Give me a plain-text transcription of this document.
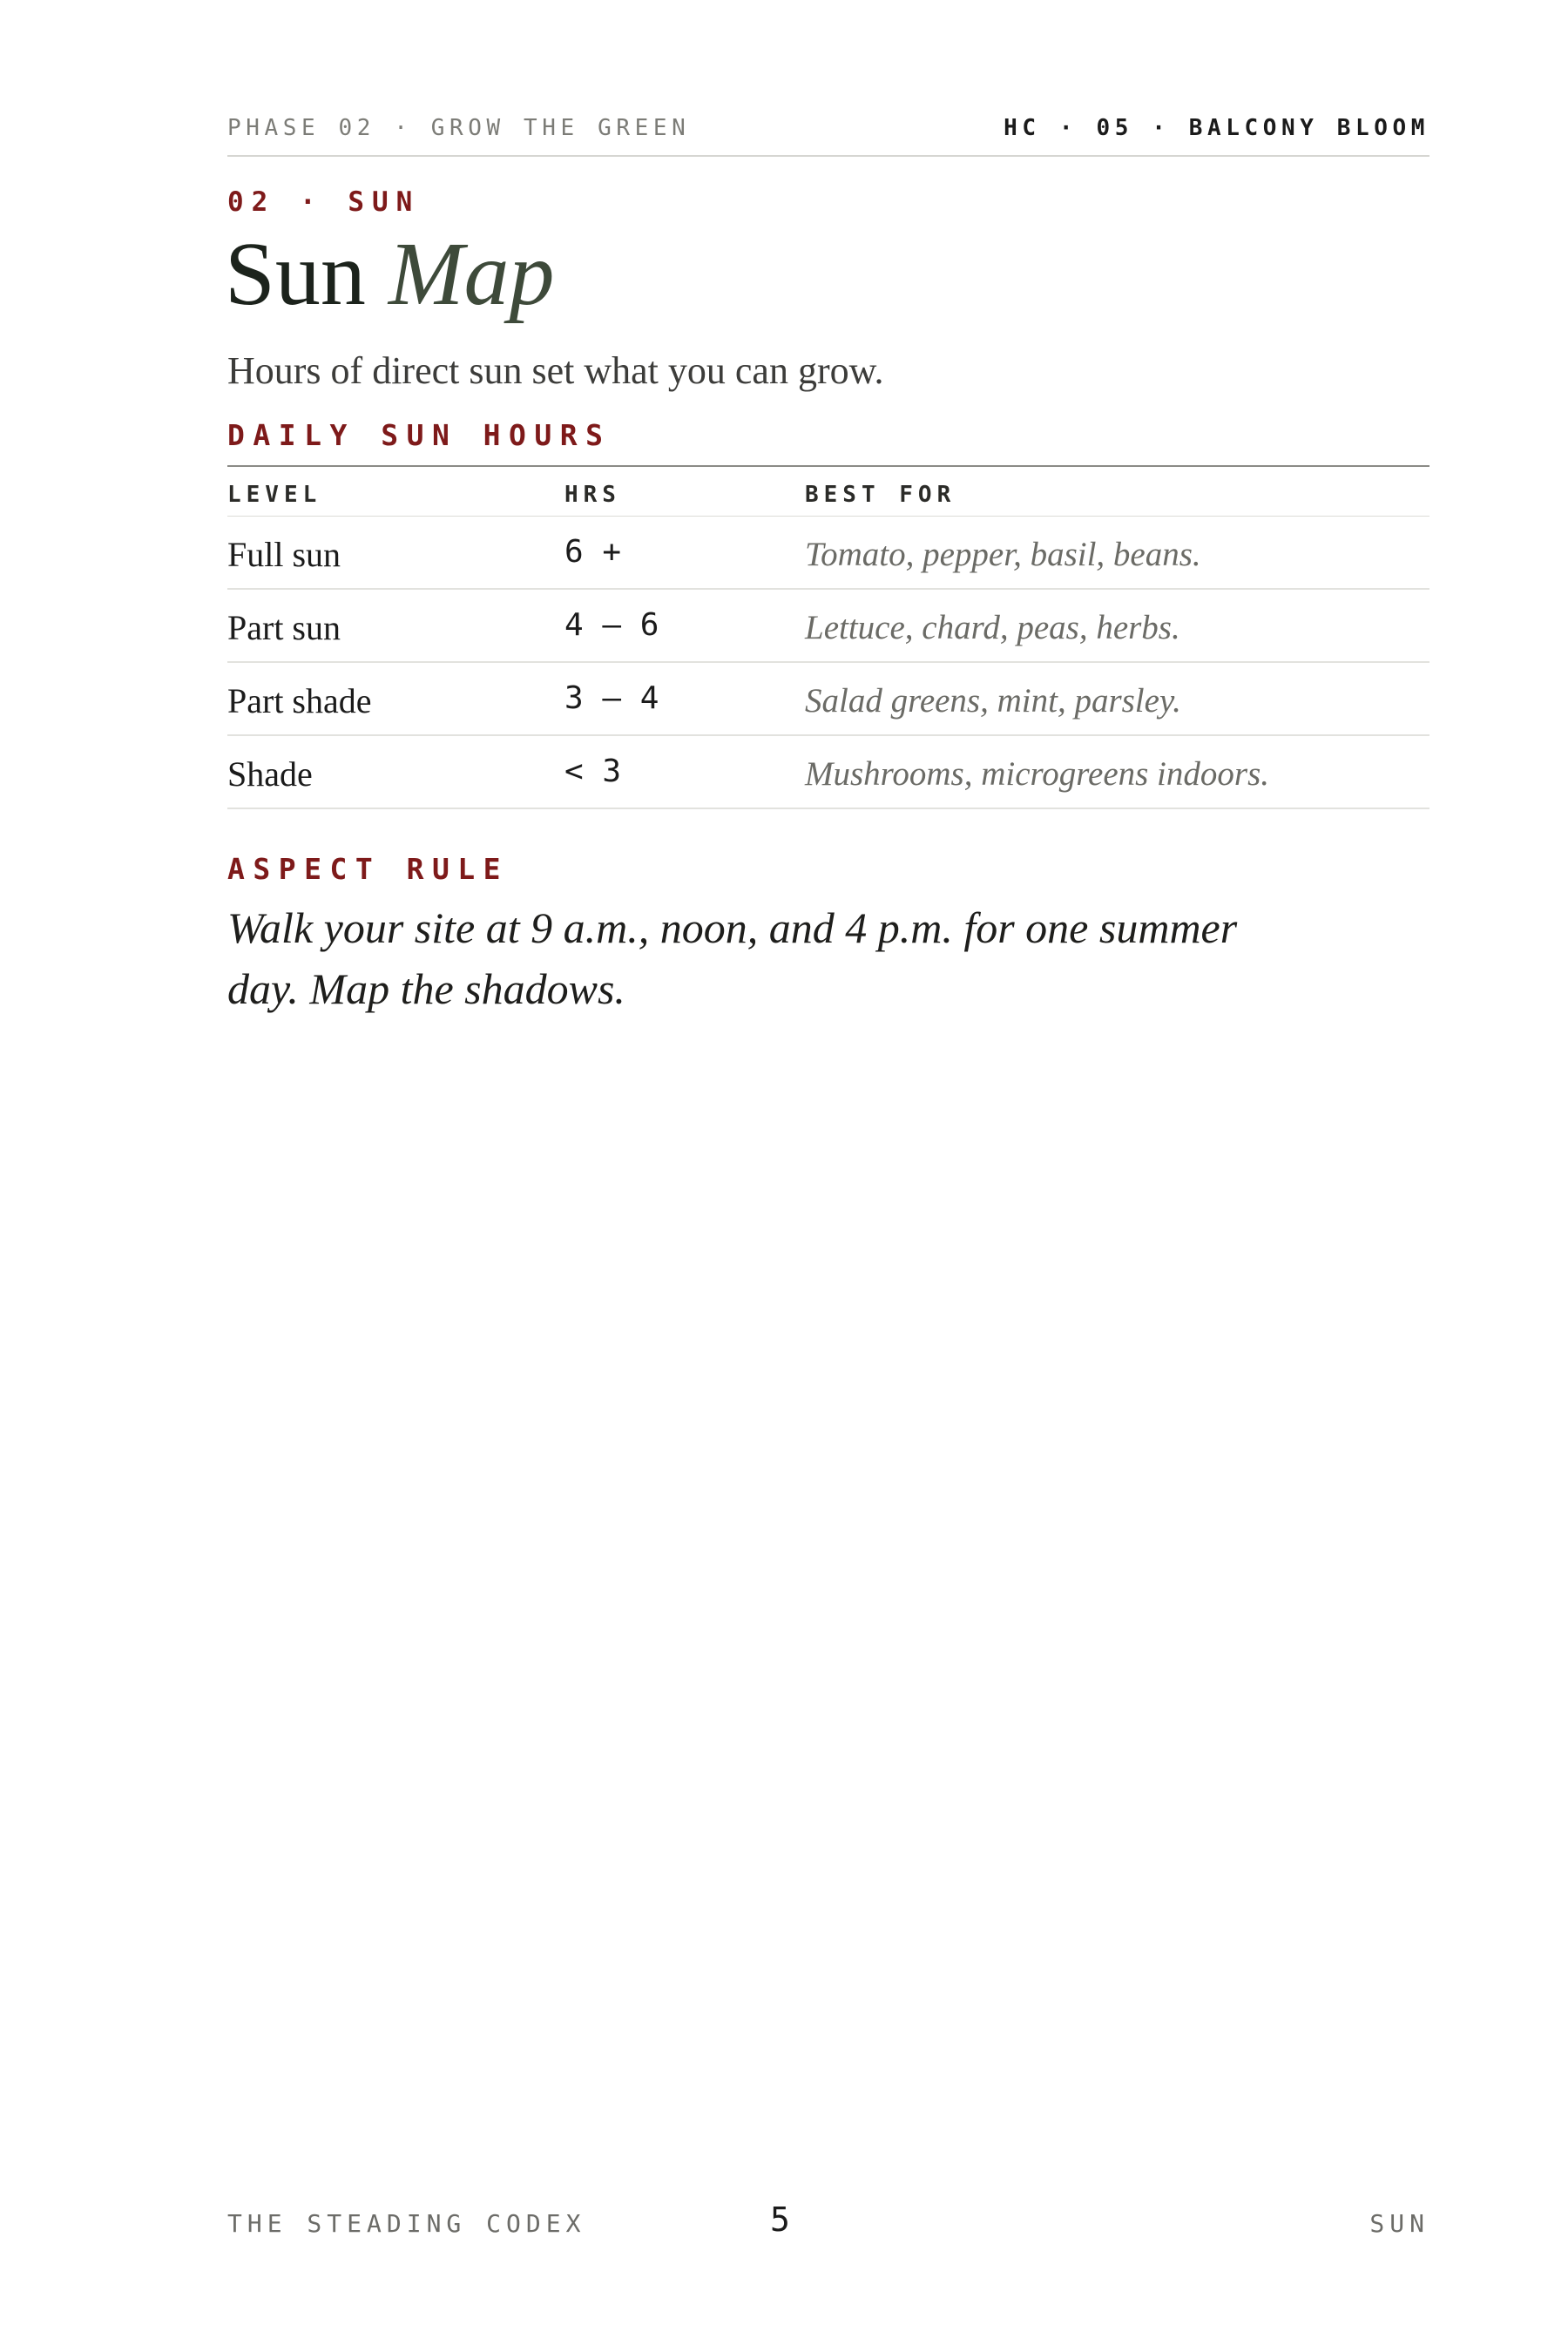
PHASE 02 · GROW THE GREEN	HC · 05 · BALCONY BLOOM
02 · SUN
Sun Map
Hours of direct sun set what you can grow.
DAILY SUN HOURS
LEVEL	HRS	BEST FOR
Full sun	6 +	Tomato, pepper, basil, beans.
Part sun	4 – 6	Lettuce, chard, peas, herbs.
Part shade	3 – 4	Salad greens, mint, parsley.
Shade	< 3	Mushrooms, microgreens indoors.
ASPECT RULE

Walk your site at 9 a.m., noon, and 4 p.m. for one summer day. Map the shadows.

THE STEADING CODEX	5	SUN
